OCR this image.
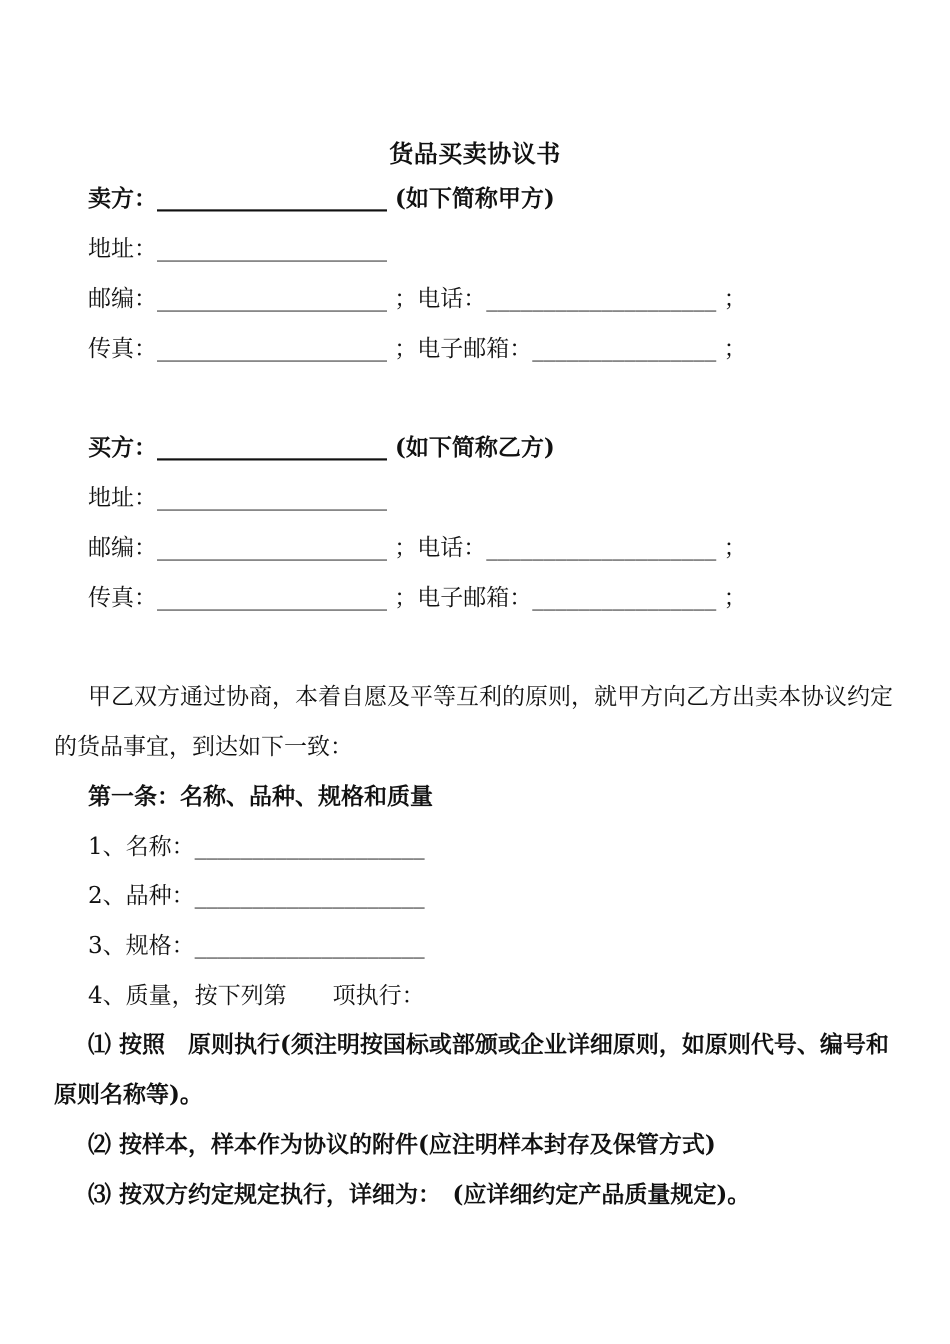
货品买卖协议书
卖方：____________________ (如下简称甲方)
地址：____________________
邮编：____________________ ；电话：____________________ ；
传真：____________________ ；电子邮箱：________________ ；
买方：____________________ (如下简称乙方)
地址：____________________
邮编：____________________ ；电话：____________________ ；
传真：____________________ ；电子邮箱：________________ ；
甲乙双方通过协商，本着自愿及平等互利的原则，就甲方向乙方出卖本协议约定的货品事宜，到达如下一致：
第一条：名称、品种、规格和质量
1、名称：____________________
2、品种：____________________
3、规格：____________________
4、质量，按下列第　　项执行：
⑴ 按照　原则执行(须注明按国标或部颁或企业详细原则，如原则代号、编号和原则名称等)。
⑵ 按样本，样本作为协议的附件(应注明样本封存及保管方式)
⑶ 按双方约定规定执行，详细为：　(应详细约定产品质量规定)。
